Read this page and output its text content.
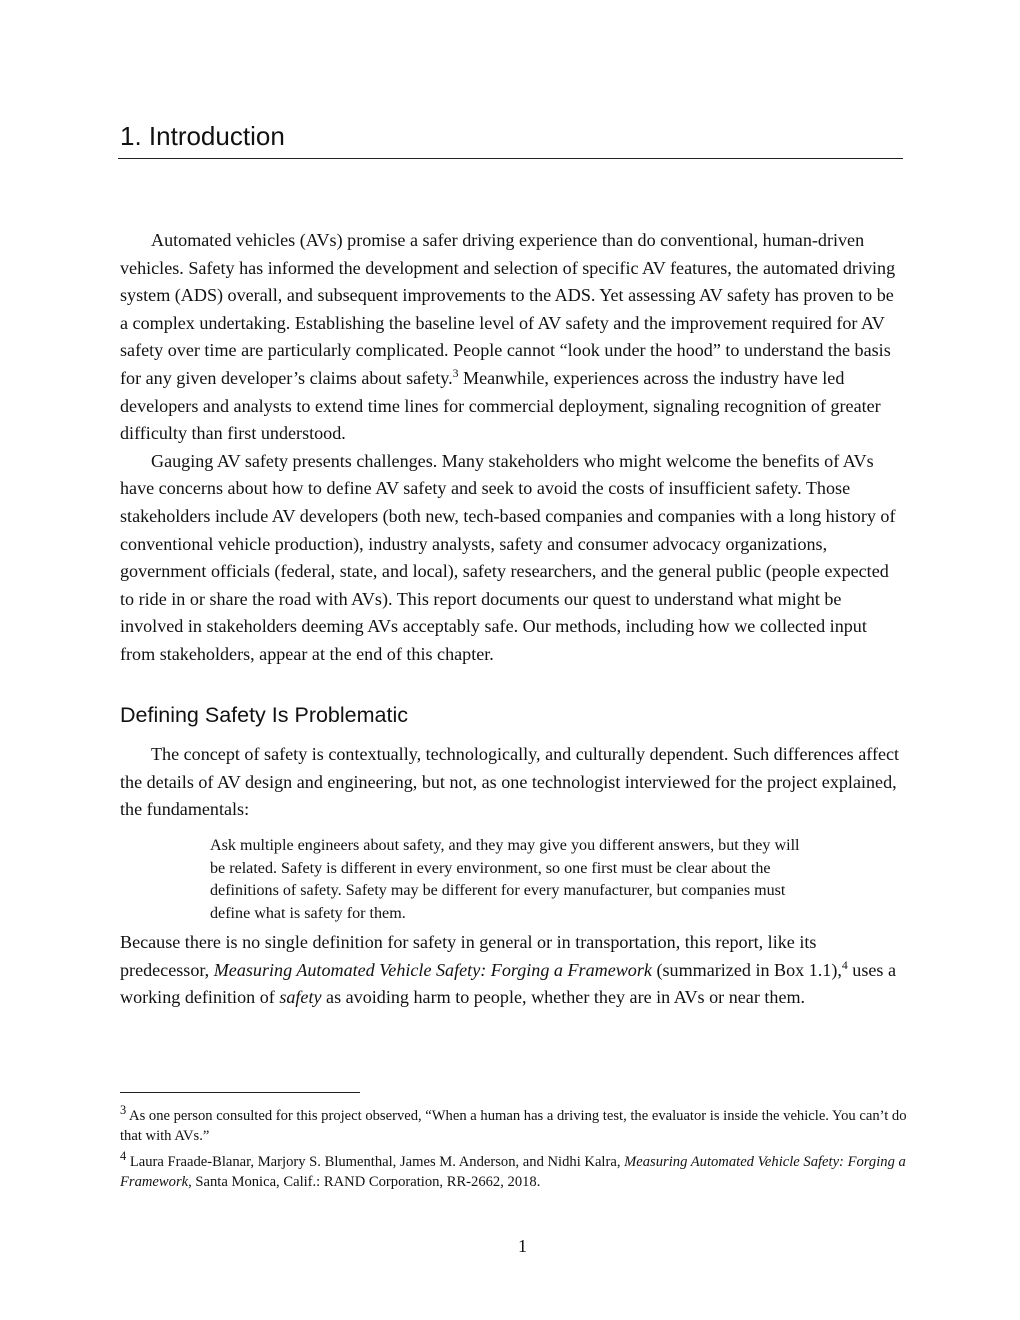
1. Introduction

Automated vehicles (AVs) promise a safer driving experience than do conventional, human-driven vehicles. Safety has informed the development and selection of specific AV features, the automated driving system (ADS) overall, and subsequent improvements to the ADS. Yet assessing AV safety has proven to be a complex undertaking. Establishing the baseline level of AV safety and the improvement required for AV safety over time are particularly complicated. People cannot “look under the hood” to understand the basis for any given developer’s claims about safety.$^3$ Meanwhile, experiences across the industry have led developers and analysts to extend time lines for commercial deployment, signaling recognition of greater difficulty than first understood.

Gauging AV safety presents challenges. Many stakeholders who might welcome the benefits of AVs have concerns about how to define AV safety and seek to avoid the costs of insufficient safety. Those stakeholders include AV developers (both new, tech-based companies and companies with a long history of conventional vehicle production), industry analysts, safety and consumer advocacy organizations, government officials (federal, state, and local), safety researchers, and the general public (people expected to ride in or share the road with AVs). This report documents our quest to understand what might be involved in stakeholders deeming AVs acceptably safe. Our methods, including how we collected input from stakeholders, appear at the end of this chapter.

Defining Safety Is Problematic

The concept of safety is contextually, technologically, and culturally dependent. Such differences affect the details of AV design and engineering, but not, as one technologist interviewed for the project explained, the fundamentals:

Ask multiple engineers about safety, and they may give you different answers, but they will be related. Safety is different in every environment, so one first must be clear about the definitions of safety. Safety may be different for every manufacturer, but companies must define what is safety for them.

Because there is no single definition for safety in general or in transportation, this report, like its predecessor, Measuring Automated Vehicle Safety: Forging a Framework (summarized in Box 1.1),$^4$ uses a working definition of safety as avoiding harm to people, whether they are in AVs or near them.

$^3$ As one person consulted for this project observed, “When a human has a driving test, the evaluator is inside the vehicle. You can’t do that with AVs.”

$^4$ Laura Fraade-Blanar, Marjory S. Blumenthal, James M. Anderson, and Nidhi Kalra, Measuring Automated Vehicle Safety: Forging a Framework, Santa Monica, Calif.: RAND Corporation, RR-2662, 2018.

1
